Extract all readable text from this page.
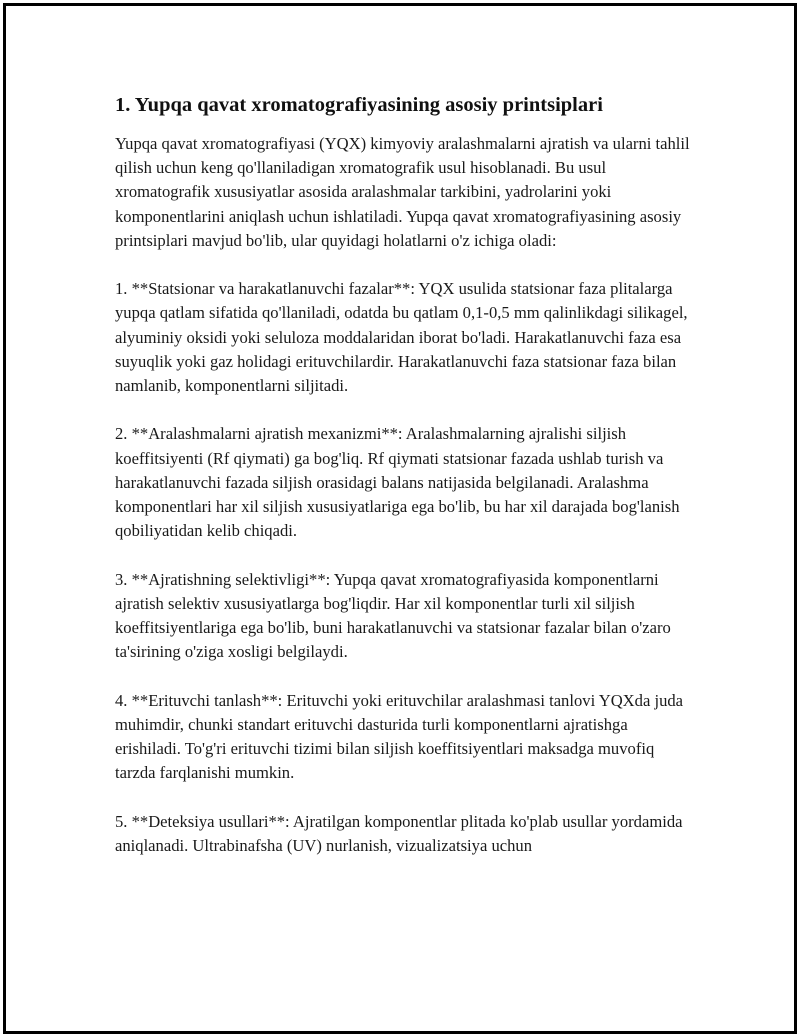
1. Yupqa qavat xromatografiyasining asosiy printsiplari

Yupqa qavat xromatografiyasi (YQX) kimyoviy aralashmalarni ajratish va ularni tahlil qilish uchun keng qo'llaniladigan xromatografik usul hisoblanadi. Bu usul xromatografik xususiyatlar asosida aralashmalar tarkibini, yadrolarini yoki komponentlarini aniqlash uchun ishlatiladi. Yupqa qavat xromatografiyasining asosiy printsiplari mavjud bo'lib, ular quyidagi holatlarni o'z ichiga oladi:

1. **Statsionar va harakatlanuvchi fazalar**: YQX usulida statsionar faza plitalarga yupqa qatlam sifatida qo'llaniladi, odatda bu qatlam 0,1-0,5 mm qalinlikdagi silikagel, alyuminiy oksidi yoki seluloza moddalaridan iborat bo'ladi. Harakatlanuvchi faza esa suyuqlik yoki gaz holidagi erituvchilardir. Harakatlanuvchi faza statsionar faza bilan namlanib, komponentlarni siljitadi.

2. **Aralashmalarni ajratish mexanizmi**: Aralashmalarning ajralishi siljish koeffitsiyenti (Rf qiymati) ga bog'liq. Rf qiymati statsionar fazada ushlab turish va harakatlanuvchi fazada siljish orasidagi balans natijasida belgilanadi. Aralashma komponentlari har xil siljish xususiyatlariga ega bo'lib, bu har xil darajada bog'lanish qobiliyatidan kelib chiqadi.

3. **Ajratishning selektivligi**: Yupqa qavat xromatografiyasida komponentlarni ajratish selektiv xususiyatlarga bog'liqdir. Har xil komponentlar turli xil siljish koeffitsiyentlariga ega bo'lib, buni harakatlanuvchi va statsionar fazalar bilan o'zaro ta'sirining o'ziga xosligi belgilaydi.

4. **Erituvchi tanlash**: Erituvchi yoki erituvchilar aralashmasi tanlovi YQXda juda muhimdir, chunki standart erituvchi dasturida turli komponentlarni ajratishga erishiladi. To'g'ri erituvchi tizimi bilan siljish koeffitsiyentlari maksadga muvofiq tarzda farqlanishi mumkin.

5. **Deteksiya usullari**: Ajratilgan komponentlar plitada ko'plab usullar yordamida aniqlanadi. Ultrabinafsha (UV) nurlanish, vizualizatsiya uchun
